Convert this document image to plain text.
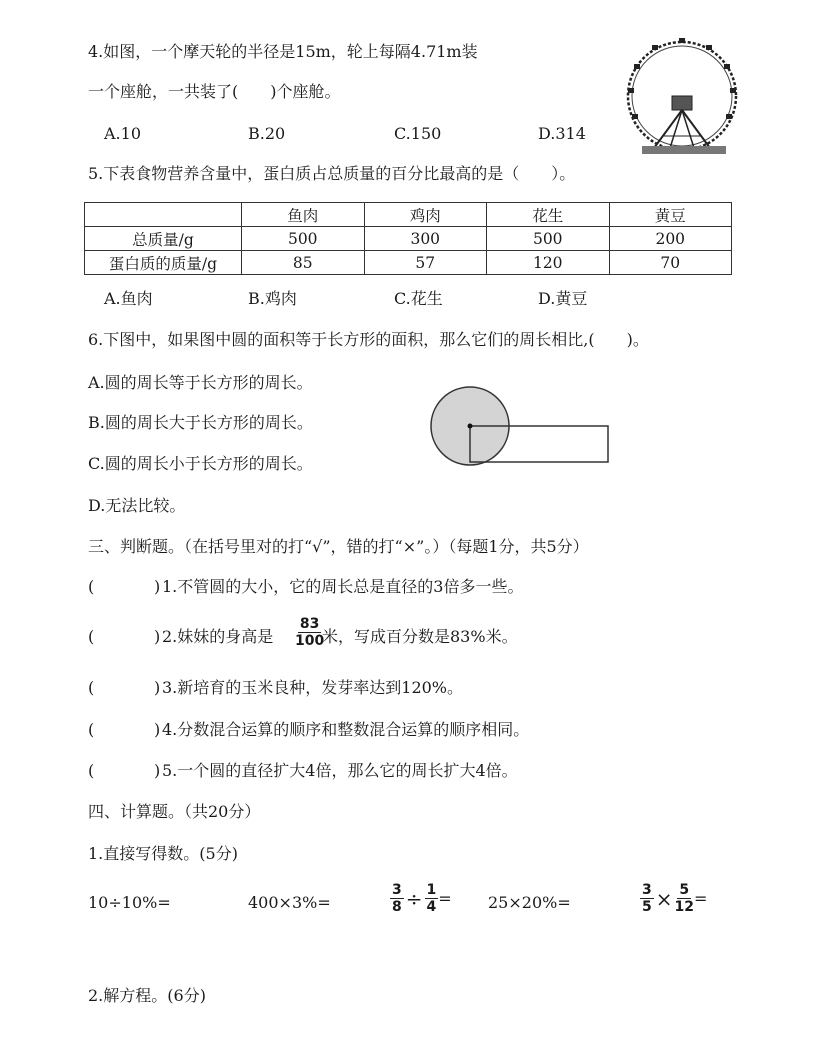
4.如图，一个摩天轮的半径是15m，轮上每隔4.71m装
一个座舱，一共装了(　　)个座舱。
A.10	B.20	C.150	D.314
5.下表食物营养含量中，蛋白质占总质量的百分比最高的是（　　）。
	鱼肉	鸡肉	花生	黄豆
总质量/g	500	300	500	200
蛋白质的质量/g	85	57	120	70
A.鱼肉	B.鸡肉	C.花生	D.黄豆
6.下图中，如果图中圆的面积等于长方形的面积，那么它们的周长相比,(　　)。
A.圆的周长等于长方形的周长。
B.圆的周长大于长方形的周长。
C.圆的周长小于长方形的周长。
D.无法比较。
三、判断题。（在括号里对的打“√”，错的打“×”。）（每题1分，共5分）
(	) 1.不管圆的大小，它的周长总是直径的3倍多一些。
(	) 2.妹妹的身高是 $\frac{83}{100}$
米，写成百分数是83%米。
(	) 3.新培育的玉米良种，发芽率达到120%。
(	) 4.分数混合运算的顺序和整数混合运算的顺序相同。
(	) 5.一个圆的直径扩大4倍，那么它的周长扩大4倍。
四、计算题。（共20分）
1.直接写得数。(5分)
10÷10%=	400×3%=	$\frac{3}{8} \div \frac{1}{4} = 25\times 20\%=$	$\frac{3}{5} \times \frac{5}{12}$ =
2.解方程。(6分)
